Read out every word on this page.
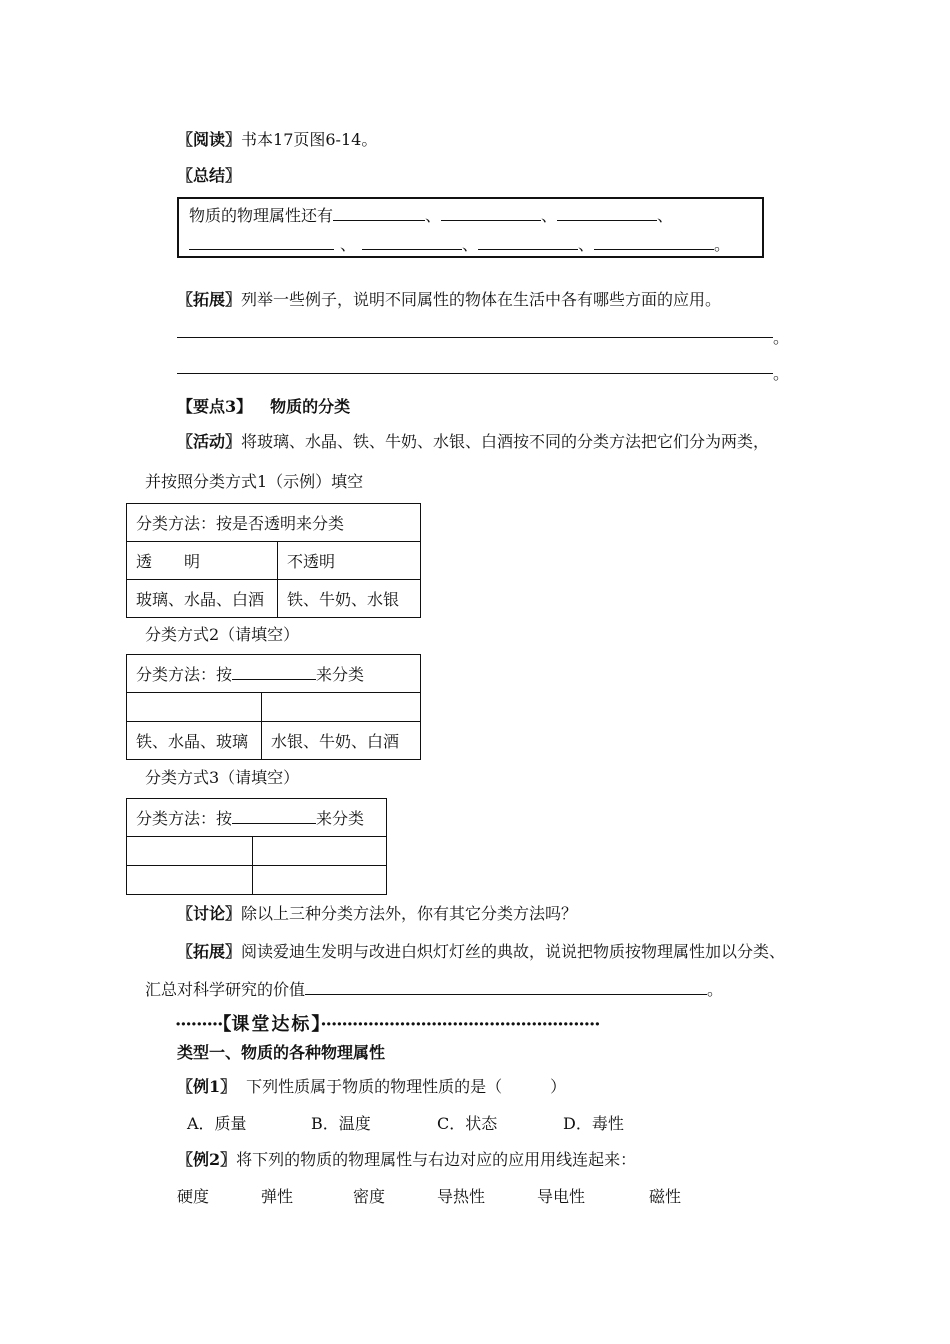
〖阅读〗书本17页图6-14。
〖总结〗
物质的物理属性还有	、	、	、
、	、	、	。
〖拓展〗列举一些例子，说明不同属性的物体在生活中各有哪些方面的应用。
。
。
【要点3】 物质的分类
〖活动〗将玻璃、水晶、铁、牛奶、水银、白酒按不同的分类方法把它们分为两类，
并按照分类方式1（示例）填空
分类方法：按是否透明来分类	
透　　明	不透明
玻璃、水晶、白酒	铁、牛奶、水银
分类方式2（请填空）
分类方法：按 来分类	

铁、水晶、玻璃	水银、牛奶、白酒
分类方式3（请填空）
分类方法：按 来分类	

〖讨论〗除以上三种分类方法外，你有其它分类方法吗？
〖拓展〗阅读爱迪生发明与改进白炽灯灯丝的典故，说说把物质按物理属性加以分类、
汇总对科学研究的价值	。
·········【课堂达标】·····················································
类型一、物质的各种物理属性
〖例1〗 下列性质属于物质的物理性质的是（　　　）
A．质量	B．温度	C．状态	D．毒性
〖例2〗将下列的物质的物理属性与右边对应的应用用线连起来：
硬度	弹性	密度	导热性	导电性	磁性
